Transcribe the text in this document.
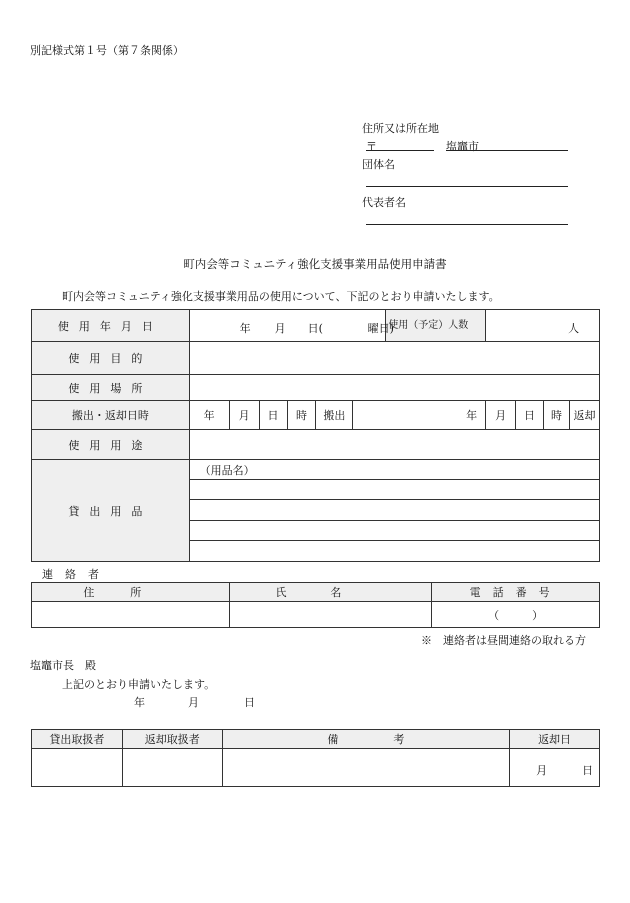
別記様式第１号（第７条関係）
住所又は所在地
〒	塩竈市
団体名
代表者名
町内会等コミュニティ強化支援事業用品使用申請書
町内会等コミュニティ強化支援事業用品の使用について、下記のとおり申請いたします。
使用年月日	年 月 日( 曜日)						使用（予定）人数	人			

使用目的											
使用場所											
搬出・返却日時	年	月	日	時	搬出	年		月	日	時	返却
使用用途											
貸出用品	（用品名）										

連絡者
住所	氏名	電話番号
		（　　　）
※　連絡者は昼間連絡の取れる方
塩竈市長　殿
上記のとおり申請いたします。
年	月	日
貸出取扱者	返却取扱者	備　　　　　考	返却日

			月 日
